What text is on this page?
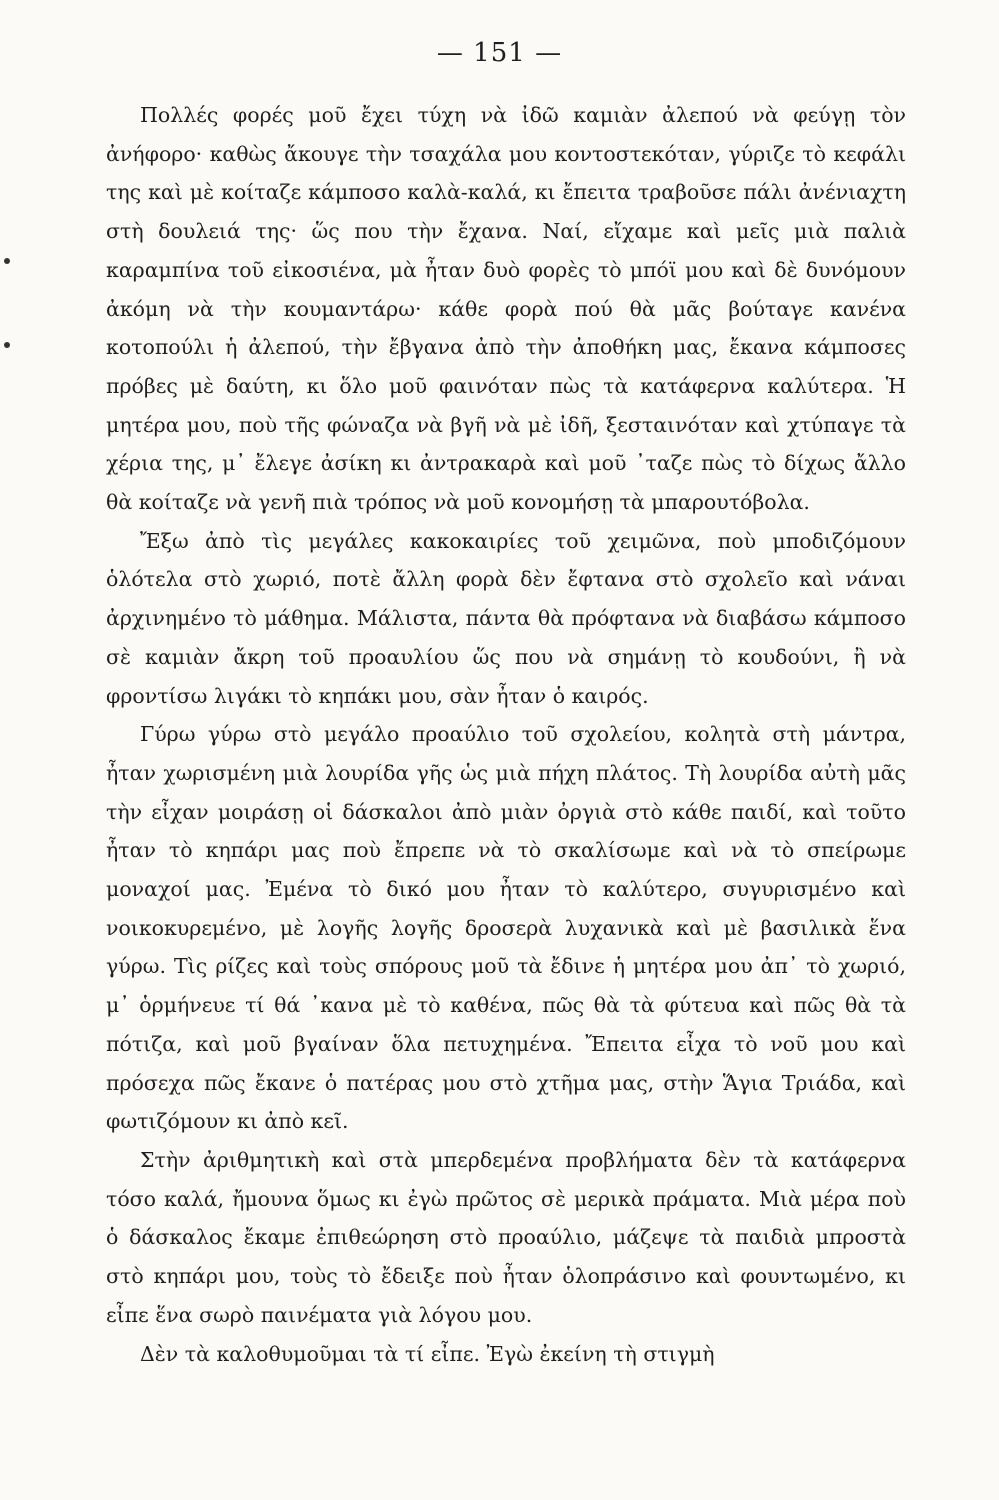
— 151 —

Πολλές φορές μοῦ ἔχει τύχη νὰ ἰδῶ καμιὰν ἀλεπού νὰ φεύγῃ τὸν ἀνήφορο· καθὼς ἄκουγε τὴν τσαχάλα μου κοντοστεκόταν, γύριζε τὸ κεφάλι της καὶ μὲ κοίταζε κάμποσο καλὰ-καλά, κι ἔπειτα τραβοῦσε πάλι ἀνένιαχτη στὴ δουλειά της· ὥς που τὴν ἔχανα. Ναί, εἴχαμε καὶ μεῖς μιὰ παλιὰ καραμπίνα τοῦ εἰκοσιένα, μὰ ἦταν δυὸ φορὲς τὸ μπόϊ μου καὶ δὲ δυνόμουν ἀκόμη νὰ τὴν κουμαντάρω· κάθε φορὰ πού θὰ μᾶς βούταγε κανένα κοτοπούλι ἡ ἀλεπού, τὴν ἔβγανα ἀπὸ τὴν ἀποθήκη μας, ἔκανα κάμποσες πρόβες μὲ δαύτη, κι ὅλο μοῦ φαινόταν πὼς τὰ κατάφερνα καλύτερα. Ἡ μητέρα μου, ποὺ τῆς φώναζα νὰ βγῆ νὰ μὲ ἰδῆ, ξεσταινόταν καὶ χτύπαγε τὰ χέρια της, μ᾽ ἔλεγε ἀσίκη κι ἀντρακαρὰ καὶ μοῦ ᾽ταζε πὼς τὸ δίχως ἄλλο θὰ κοίταζε νὰ γενῆ πιὰ τρόπος νὰ μοῦ κονομήσῃ τὰ μπαρουτόβολα.

Ἔξω ἀπὸ τὶς μεγάλες κακοκαιρίες τοῦ χειμῶνα, ποὺ μποδιζόμουν ὁλότελα στὸ χωριό, ποτὲ ἄλλη φορὰ δὲν ἔφτανα στὸ σχολεῖο καὶ νάναι ἀρχινημένο τὸ μάθημα. Μάλιστα, πάντα θὰ πρόφτανα νὰ διαβάσω κάμποσο σὲ καμιὰν ἄκρη τοῦ προαυλίου ὥς που νὰ σημάνῃ τὸ κουδούνι, ἢ νὰ φροντίσω λιγάκι τὸ κηπάκι μου, σὰν ἦταν ὁ καιρός.

Γύρω γύρω στὸ μεγάλο προαύλιο τοῦ σχολείου, κολητὰ στὴ μάντρα, ἦταν χωρισμένη μιὰ λουρίδα γῆς ὡς μιὰ πήχη πλάτος. Τὴ λουρίδα αὐτὴ μᾶς τὴν εἶχαν μοιράσῃ οἱ δάσκαλοι ἀπὸ μιὰν ὀργιὰ στὸ κάθε παιδί, καὶ τοῦτο ἦταν τὸ κηπάρι μας ποὺ ἔπρεπε νὰ τὸ σκαλίσωμε καὶ νὰ τὸ σπείρωμε μοναχοί μας. Ἐμένα τὸ δικό μου ἦταν τὸ καλύτερο, συγυρισμένο καὶ νοικοκυρεμένο, μὲ λογῆς λογῆς δροσερὰ λυχανικὰ καὶ μὲ βασιλικὰ ἕνα γύρω. Τὶς ρίζες καὶ τοὺς σπόρους μοῦ τὰ ἔδινε ἡ μητέρα μου ἀπ᾽ τὸ χωριό, μ᾽ ὁρμήνευε τί θά ᾽κανα μὲ τὸ καθένα, πῶς θὰ τὰ φύτευα καὶ πῶς θὰ τὰ πότιζα, καὶ μοῦ βγαίναν ὅλα πετυχημένα. Ἔπειτα εἶχα τὸ νοῦ μου καὶ πρόσεχα πῶς ἔκανε ὁ πατέρας μου στὸ χτῆμα μας, στὴν Ἅγια Τριάδα, καὶ φωτιζόμουν κι ἀπὸ κεῖ.

Στὴν ἀριθμητικὴ καὶ στὰ μπερδεμένα προβλήματα δὲν τὰ κατάφερνα τόσο καλά, ἤμουνα ὅμως κι ἐγὼ πρῶτος σὲ μερικὰ πράματα. Μιὰ μέρα ποὺ ὁ δάσκαλος ἔκαμε ἐπιθεώρηση στὸ προαύλιο, μάζεψε τὰ παιδιὰ μπροστὰ στὸ κηπάρι μου, τοὺς τὸ ἔδειξε ποὺ ἦταν ὁλοπράσινο καὶ φουντωμένο, κι εἶπε ἕνα σωρὸ παινέματα γιὰ λόγου μου.

Δὲν τὰ καλοθυμοῦμαι τὰ τί εἶπε. Ἐγὼ ἐκείνη τὴ στιγμὴ
